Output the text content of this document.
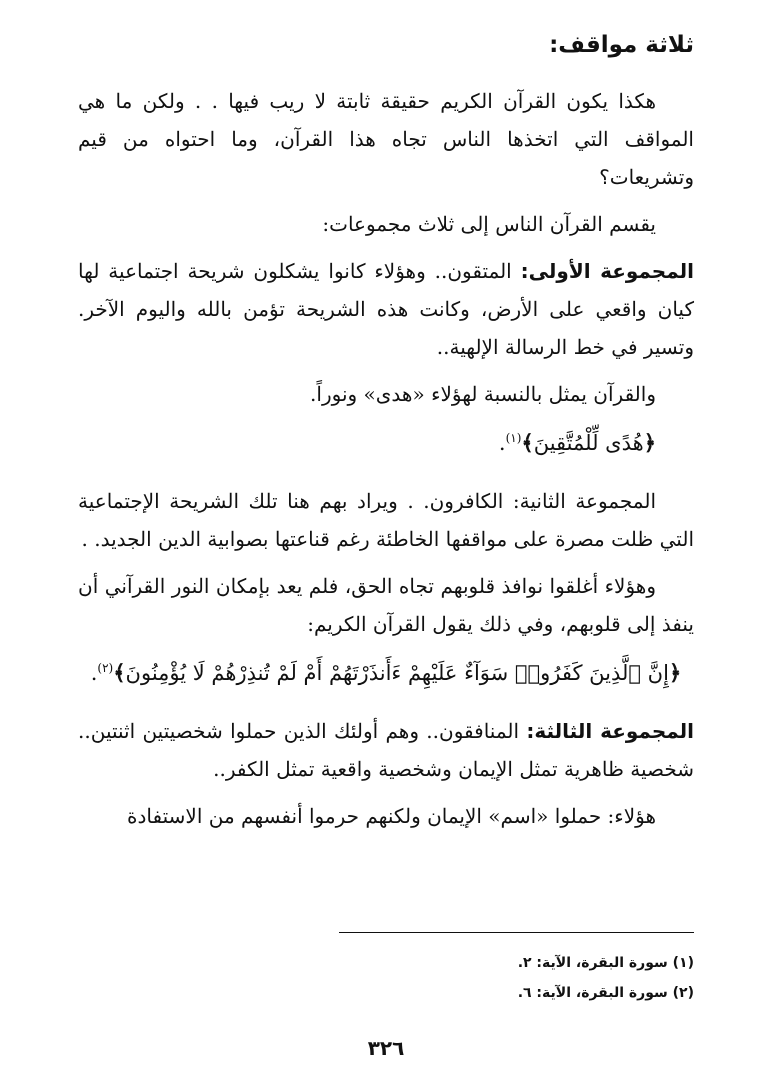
ثلاثة مواقف:

هكذا يكون القرآن الكريم حقيقة ثابتة لا ريب فيها . . ولكن ما هي المواقف التي اتخذها الناس تجاه هذا القرآن، وما احتواه من قيم وتشريعات؟

يقسم القرآن الناس إلى ثلاث مجموعات:

المجموعة الأولى: المتقون.. وهؤلاء كانوا يشكلون شريحة اجتماعية لها كيان واقعي على الأرض، وكانت هذه الشريحة تؤمن بالله واليوم الآخر. وتسير في خط الرسالة الإلهية..

والقرآن يمثل بالنسبة لهؤلاء «هدى» ونوراً.

﴿هُدًى لِّلْمُتَّقِينَ﴾$^{(١)}$.

المجموعة الثانية: الكافرون. . ويراد بهم هنا تلك الشريحة الإجتماعية التي ظلت مصرة على مواقفها الخاطئة رغم قناعتها بصوابية الدين الجديد. .

وهؤلاء أغلقوا نوافذ قلوبهم تجاه الحق، فلم يعد بإمكان النور القرآني أن ينفذ إلى قلوبهم، وفي ذلك يقول القرآن الكريم:

﴿إِنَّ ٱلَّذِينَ كَفَرُوا۟ سَوَآءٌ عَلَيْهِمْ ءَأَنذَرْتَهُمْ أَمْ لَمْ تُنذِرْهُمْ لَا يُؤْمِنُونَ﴾$^{(٢)}$.

المجموعة الثالثة: المنافقون.. وهم أولئك الذين حملوا شخصيتين اثنتين.. شخصية ظاهرية تمثل الإيمان وشخصية واقعية تمثل الكفر..

هؤلاء: حملوا «اسم» الإيمان ولكنهم حرموا أنفسهم من الاستفادة

(١) سورة البقرة، الآية: ٢.
(٢) سورة البقرة، الآية: ٦.
٣٢٦
